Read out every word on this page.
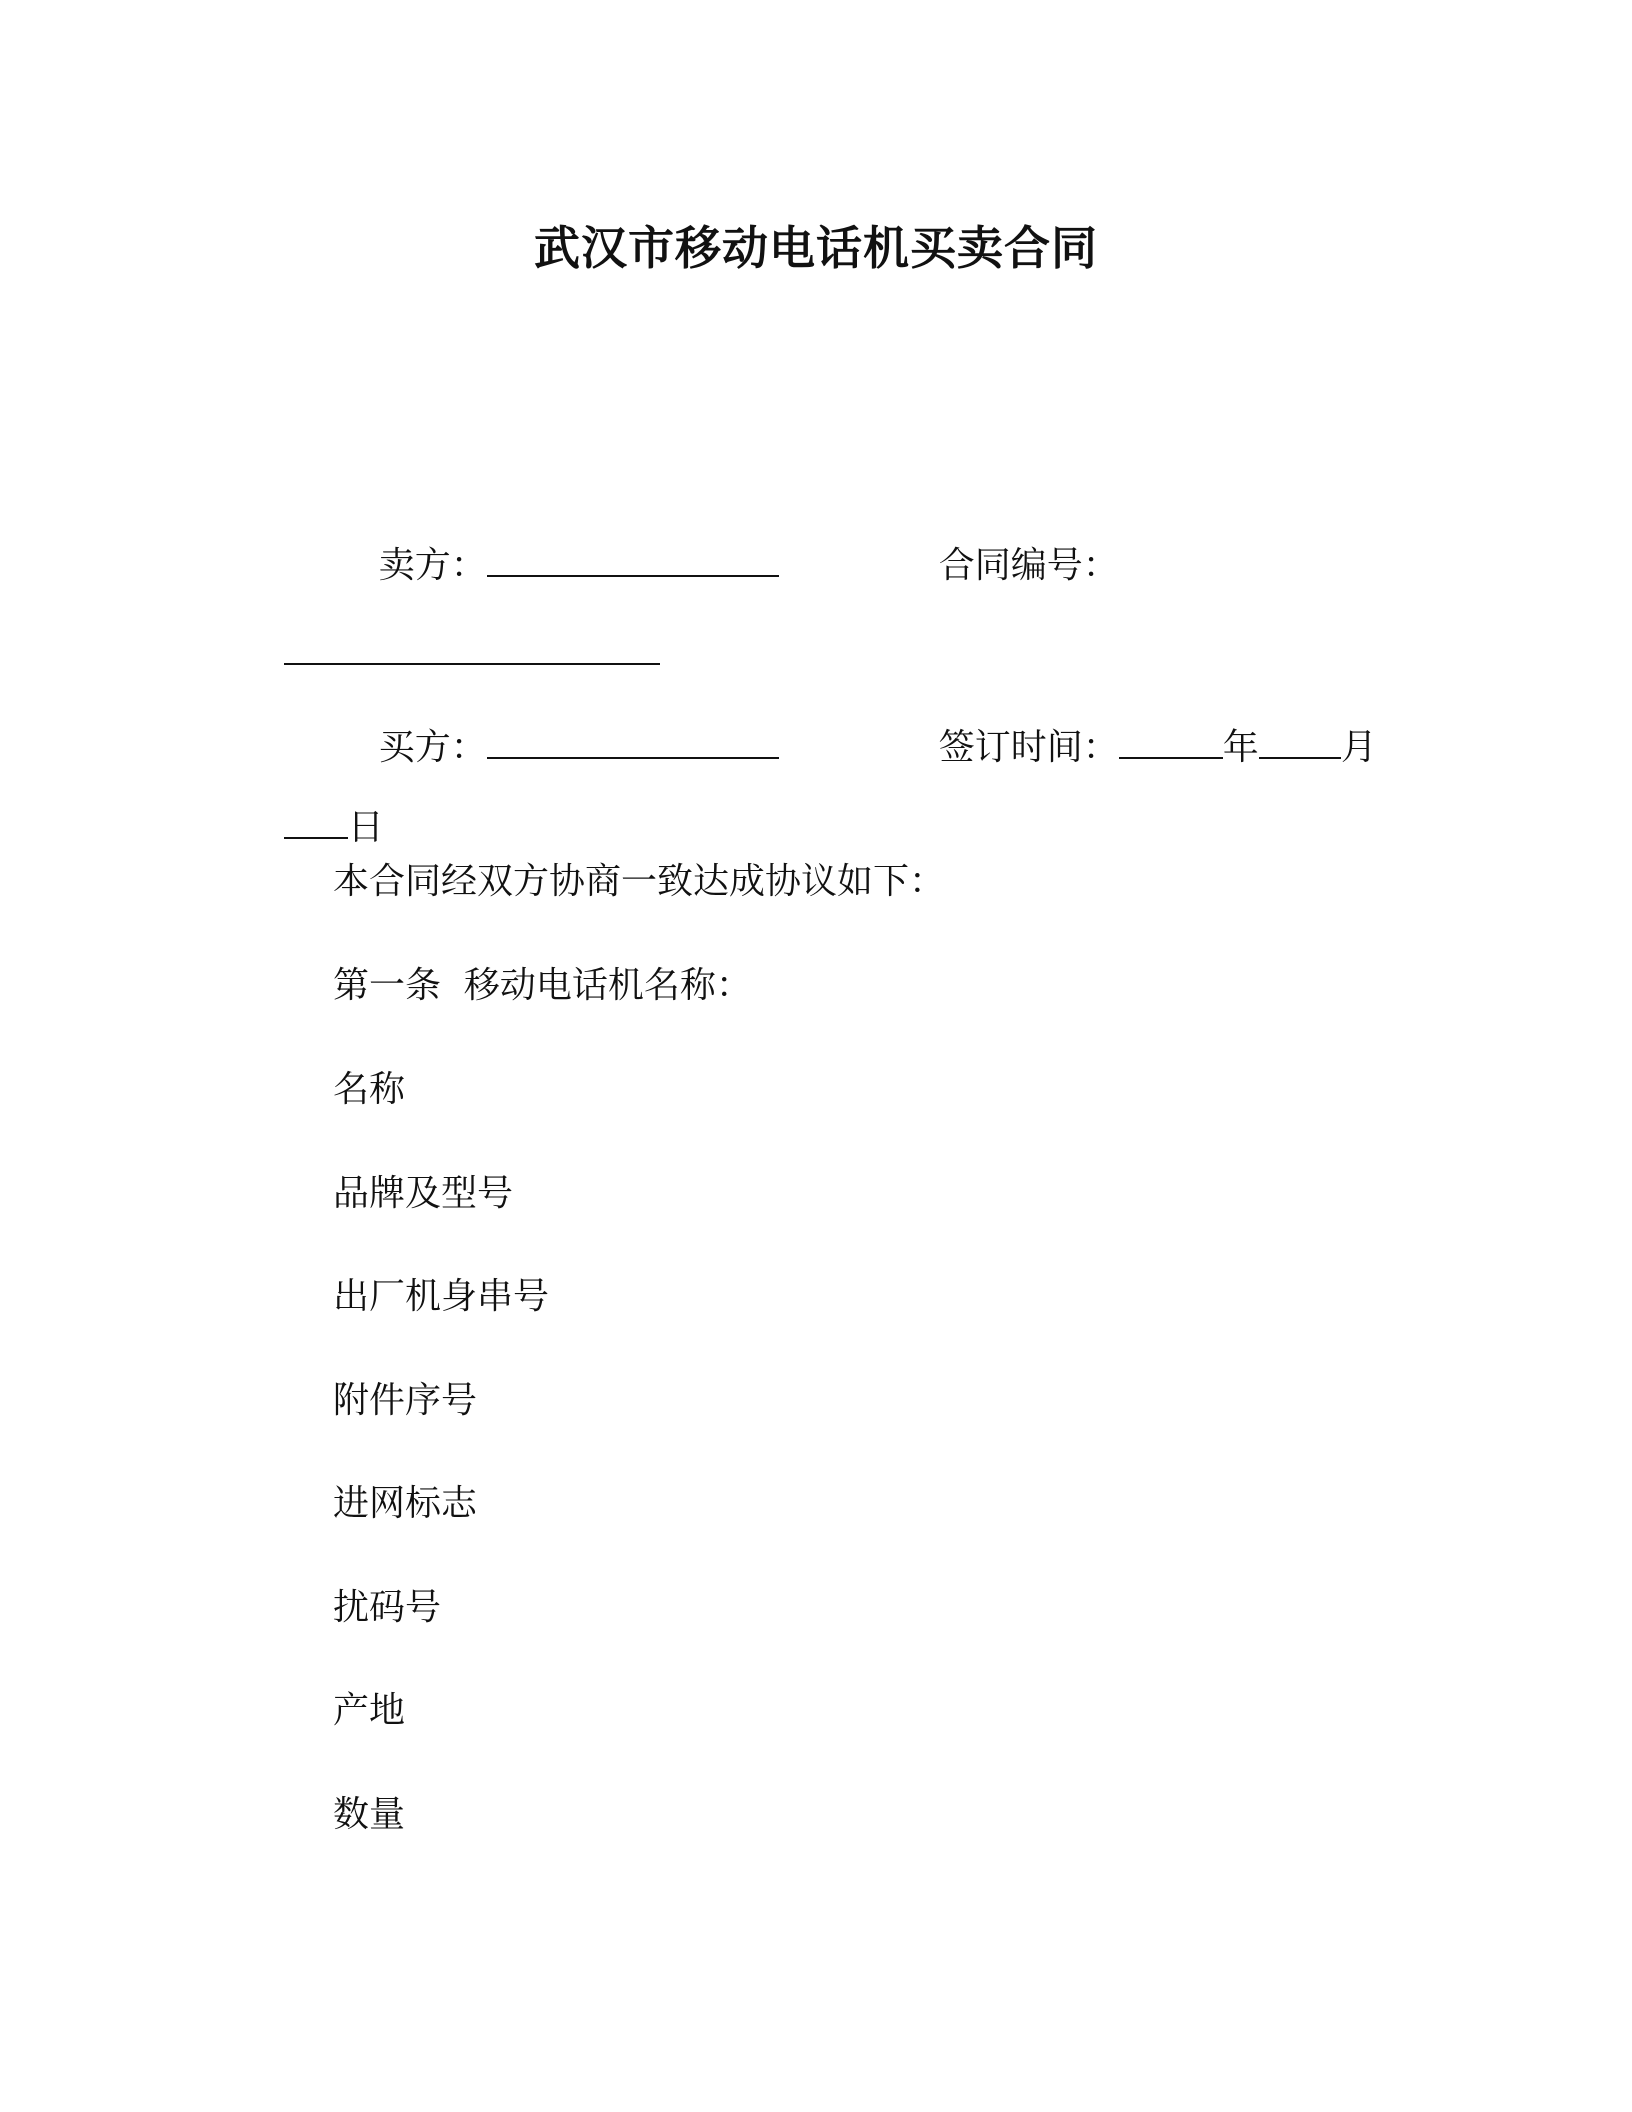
武汉市移动电话机买卖合同

卖方：
	合同编号：

买方：
	签订时间：	年 月

日

本合同经双方协商一致达成协议如下：
第一条  移动电话机名称：
名称
品牌及型号
出厂机身串号
附件序号
进网标志
扰码号
产地
数量
